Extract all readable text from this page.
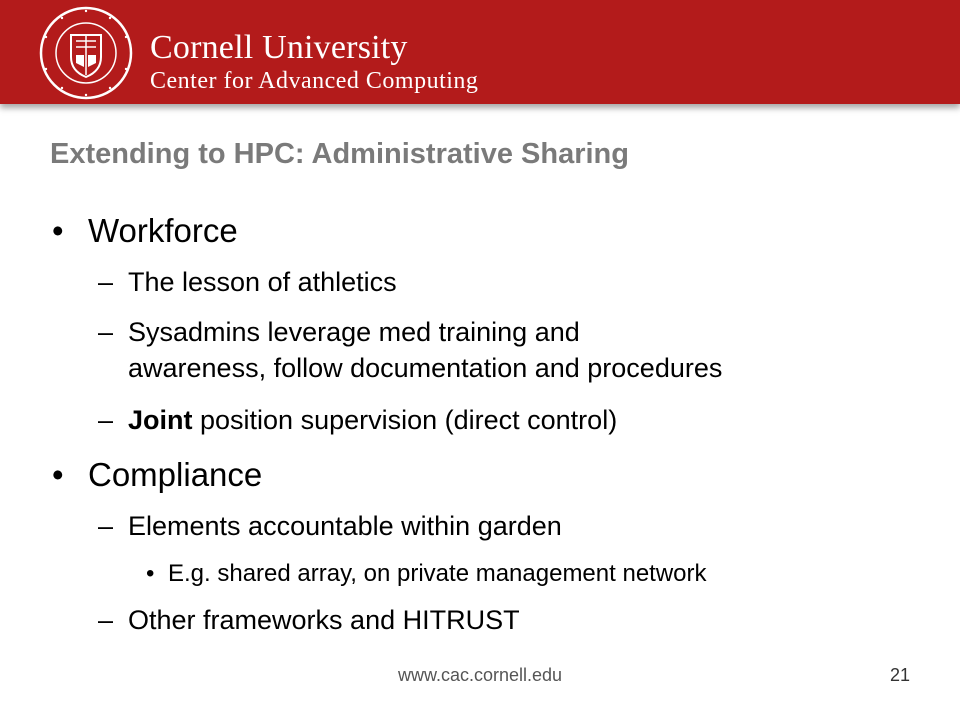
Cornell University
Center for Advanced Computing
Extending to HPC: Administrative Sharing
• Workforce
– The lesson of athletics
– Sysadmins leverage med training and
awareness, follow documentation and procedures
– Joint position supervision (direct control)
• Compliance
– Elements accountable within garden
• E.g. shared array, on private management network
– Other frameworks and HITRUST
www.cac.cornell.edu	21
